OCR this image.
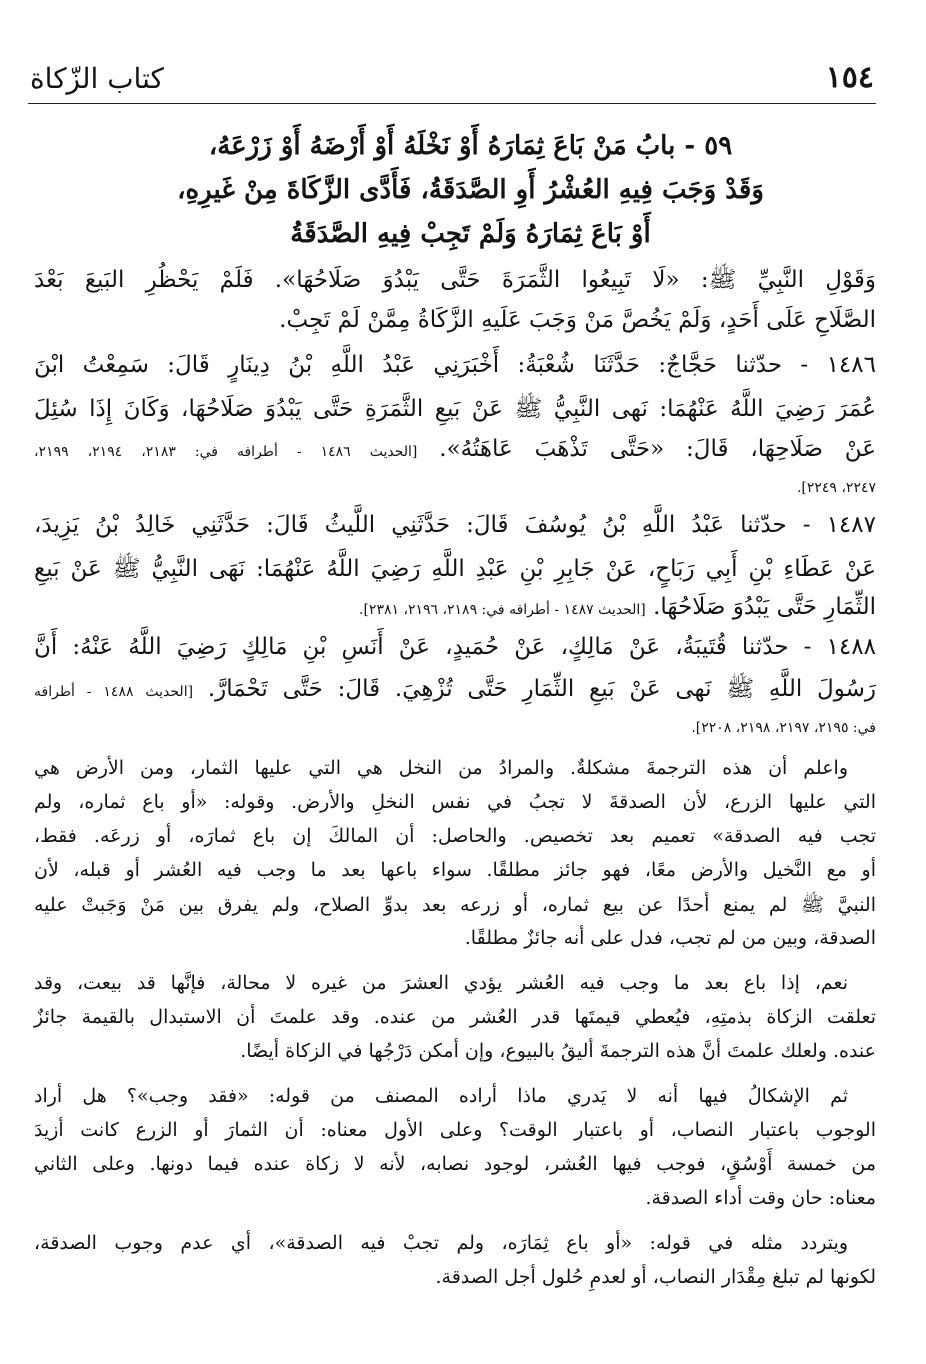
كتاب الزّكاة	١٥٤
٥٩ - بابُ مَنْ بَاعَ ثِمَارَهُ أَوْ نَخْلَهُ أَوْ أَرْضَهُ أَوْ زَرْعَهُ،
وَقَدْ وَجَبَ فِيهِ العُشْرُ أَوِ الصَّدَقَةُ، فَأَدَّى الزَّكَاةَ مِنْ غَيرِهِ،
أَوْ بَاعَ ثِمَارَهُ وَلَمْ تَجِبْ فِيهِ الصَّدَقَةُ
وَقَوْلِ النَّبِيِّ ﷺ: «لَا تَبِيعُوا الثَّمَرَةَ حَتَّى يَبْدُوَ صَلَاحُهَا». فَلَمْ يَحْظُرِ البَيعَ بَعْدَ
الصَّلَاحِ عَلَى أَحَدٍ، وَلَمْ يَخُصَّ مَنْ وَجَبَ عَلَيهِ الزَّكَاةُ مِمَّنْ لَمْ تَجِبْ.
١٤٨٦ - حدّثنا حَجَّاجٌ: حَدَّثَنَا شُعْبَةُ: أَخْبَرَنِي عَبْدُ اللَّهِ بْنُ دِينَارٍ قَالَ: سَمِعْتُ ابْنَ
عُمَرَ رَضِيَ اللَّهُ عَنْهُمَا: نَهى النَّبِيُّ ﷺ عَنْ بَيعِ الثَّمَرَةِ حَتَّى يَبْدُوَ صَلَاحُهَا، وَكَانَ إِذَا سُئِلَ
عَنْ صَلَاحِهَا، قَالَ: «حَتَّى تَذْهَبَ عَاهَتُهُ». [الحديث ١٤٨٦ - أطرافه في: ٢١٨٣، ٢١٩٤، ٢١٩٩،
٢٢٤٧، ٢٢٤٩].
١٤٨٧ - حدّثنا عَبْدُ اللَّهِ بْنُ يُوسُفَ قَالَ: حَدَّثَنِي اللَّيثُ قَالَ: حَدَّثَنِي خَالِدُ بْنُ يَزِيدَ،
عَنْ عَطَاءِ بْنِ أَبِي رَبَاحٍ، عَنْ جَابِرِ بْنِ عَبْدِ اللَّهِ رَضِيَ اللَّهُ عَنْهُمَا: نَهَى النَّبِيُّ ﷺ عَنْ بَيعِ
الثِّمَارِ حَتَّى يَبْدُوَ صَلَاحُهَا. [الحديث ١٤٨٧ - أطرافه في: ٢١٨٩، ٢١٩٦، ٢٣٨١].
١٤٨٨ - حدّثنا قُتَيبَةُ، عَنْ مَالِكٍ، عَنْ حُمَيدٍ، عَنْ أَنَسِ بْنِ مَالِكٍ رَضِيَ اللَّهُ عَنْهُ: أَنَّ
رَسُولَ اللَّهِ ﷺ نَهى عَنْ بَيعِ الثِّمَارِ حَتَّى تُزْهِيَ. قَالَ: حَتَّى تَحْمَارَّ. [الحديث ١٤٨٨ - أطرافه
في: ٢١٩٥، ٢١٩٧، ٢١٩٨، ٢٢٠٨].
واعلم أن هذه الترجمةَ مشكلةٌ. والمرادُ من النخل هي التي عليها الثمار، ومن الأرض هي
التي عليها الزرع، لأن الصدقةَ لا تجبُ في نفس النخلِ والأرض. وقوله: «أو باع ثماره، ولم
تجب فيه الصدقة» تعميم بعد تخصيص. والحاصل: أن المالكَ إن باع ثمارَه، أو زرعَه. فقط،
أو مع النَّخيل والأرض معًا، فهو جائز مطلقًا. سواء باعها بعد ما وجب فيه العُشر أو قبله، لأن
النبيَّ ﷺ لم يمنع أحدًا عن بيع ثماره، أو زرعه بعد بدوِّ الصلاح، ولم يفرق بين مَنْ وَجَبتْ عليه
الصدقة، وبين من لم تجب، فدل على أنه جائزٌ مطلقًا.
نعم، إذا باع بعد ما وجب فيه العُشر يؤدي العشرَ من غيره لا محالة، فإنَّها قد بيعت، وقد
تعلقت الزكاة بذمتِهِ، فيُعطي قيمتَها قدر العُشر من عنده. وقد علمتَ أن الاستبدال بالقيمة جائزٌ
عنده. ولعلك علمتَ أنَّ هذه الترجمةَ أليقُ بالبيوع، وإن أمكن دَرْجُها في الزكاة أيضًا.
ثم الإشكالُ فيها أنه لا يَدري ماذا أراده المصنف من قوله: «فقد وجب»؟ هل أراد
الوجوب باعتبار النصاب، أو باعتبار الوقت؟ وعلى الأول معناه: أن الثمارَ أو الزرع كانت أزيدَ
من خمسة أَوْسُقٍ، فوجب فيها العُشر، لوجود نصابه، لأنه لا زكاة عنده فيما دونها. وعلى الثاني
معناه: حان وقت أداء الصدقة.
ويتردد مثله في قوله: «أو باع ثِمَارَه، ولم تجبْ فيه الصدقة»، أي عدم وجوب الصدقة،
لكونها لم تبلغ مِقْدَار النصاب، أو لعدمِ حُلول أجل الصدقة.
